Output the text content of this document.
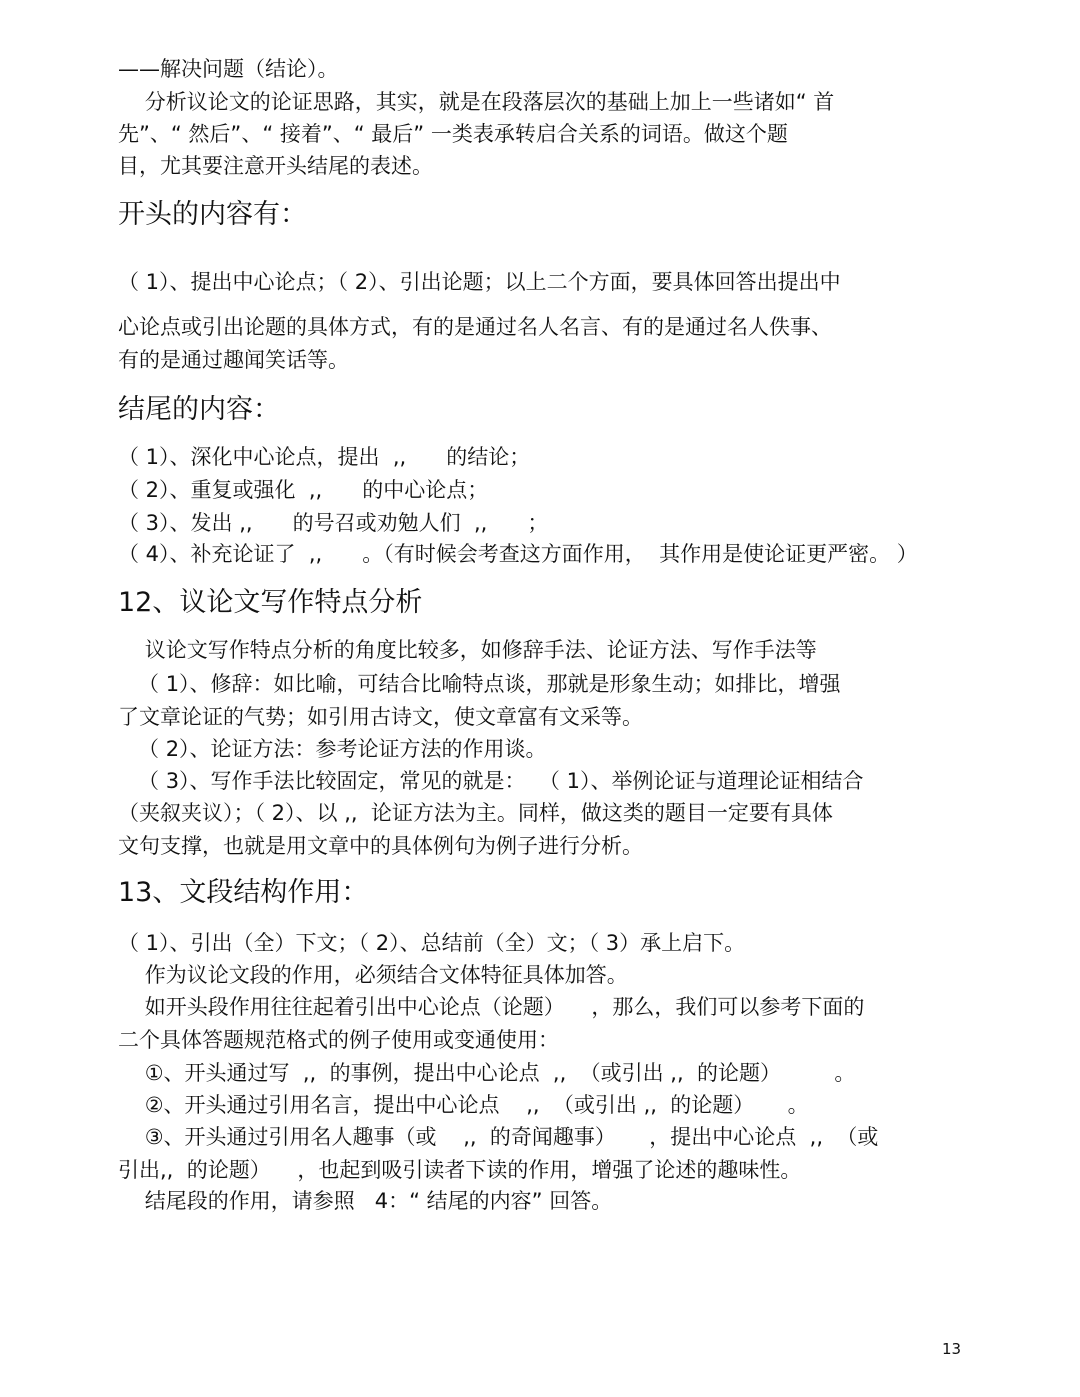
——解决问题（结论）。
分析议论文的论证思路，其实，就是在段落层次的基础上加上一些诸如“ 首
先”、“ 然后”、“ 接着”、“ 最后” 一类表承转启合关系的词语。做这个题
目，尤其要注意开头结尾的表述。
开头的内容有：
（ 1）、提出中心论点；（ 2）、引出论题；以上二个方面，要具体回答出提出中
心论点或引出论题的具体方式，有的是通过名人名言、有的是通过名人佚事、
有的是通过趣闻笑话等。
结尾的内容：
（ 1）、深化中心论点，提出  ,,      的结论；
（ 2）、重复或强化  ,,      的中心论点；
（ 3）、发出 ,,      的号召或劝勉人们  ,,      ；
（ 4）、补充论证了  ,,      。（有时候会考查这方面作用，  其作用是使论证更严密。 ）
12、议论文写作特点分析
议论文写作特点分析的角度比较多，如修辞手法、论证方法、写作手法等
（ 1）、修辞：如比喻，可结合比喻特点谈，那就是形象生动；如排比，增强
了文章论证的气势；如引用古诗文，使文章富有文采等。
（ 2）、论证方法：参考论证方法的作用谈。
（ 3）、写作手法比较固定，常见的就是：  （ 1）、举例论证与道理论证相结合
（夹叙夹议）；（ 2）、以 ,,  论证方法为主。同样，做这类的题目一定要有具体
文句支撑，也就是用文章中的具体例句为例子进行分析。
13、文段结构作用：
（ 1）、引出（全）下文；（ 2）、总结前（全）文；（ 3）承上启下。
作为议论文段的作用，必须结合文体特征具体加答。
如开头段作用往往起着引出中心论点（论题）    ，那么，我们可以参考下面的
二个具体答题规范格式的例子使用或变通使用：
①、开头通过写  ,,  的事例，提出中心论点  ,,  （或引出 ,,  的论题）        。
②、开头通过引用名言，提出中心论点    ,,  （或引出 ,,  的论题）     。
③、开头通过引用名人趣事（或    ,,  的奇闻趣事）     ，提出中心论点  ,,  （或
引出,,  的论题）    ，也起到吸引读者下读的作用，增强了论述的趣味性。
结尾段的作用，请参照   4：“ 结尾的内容” 回答。
13
